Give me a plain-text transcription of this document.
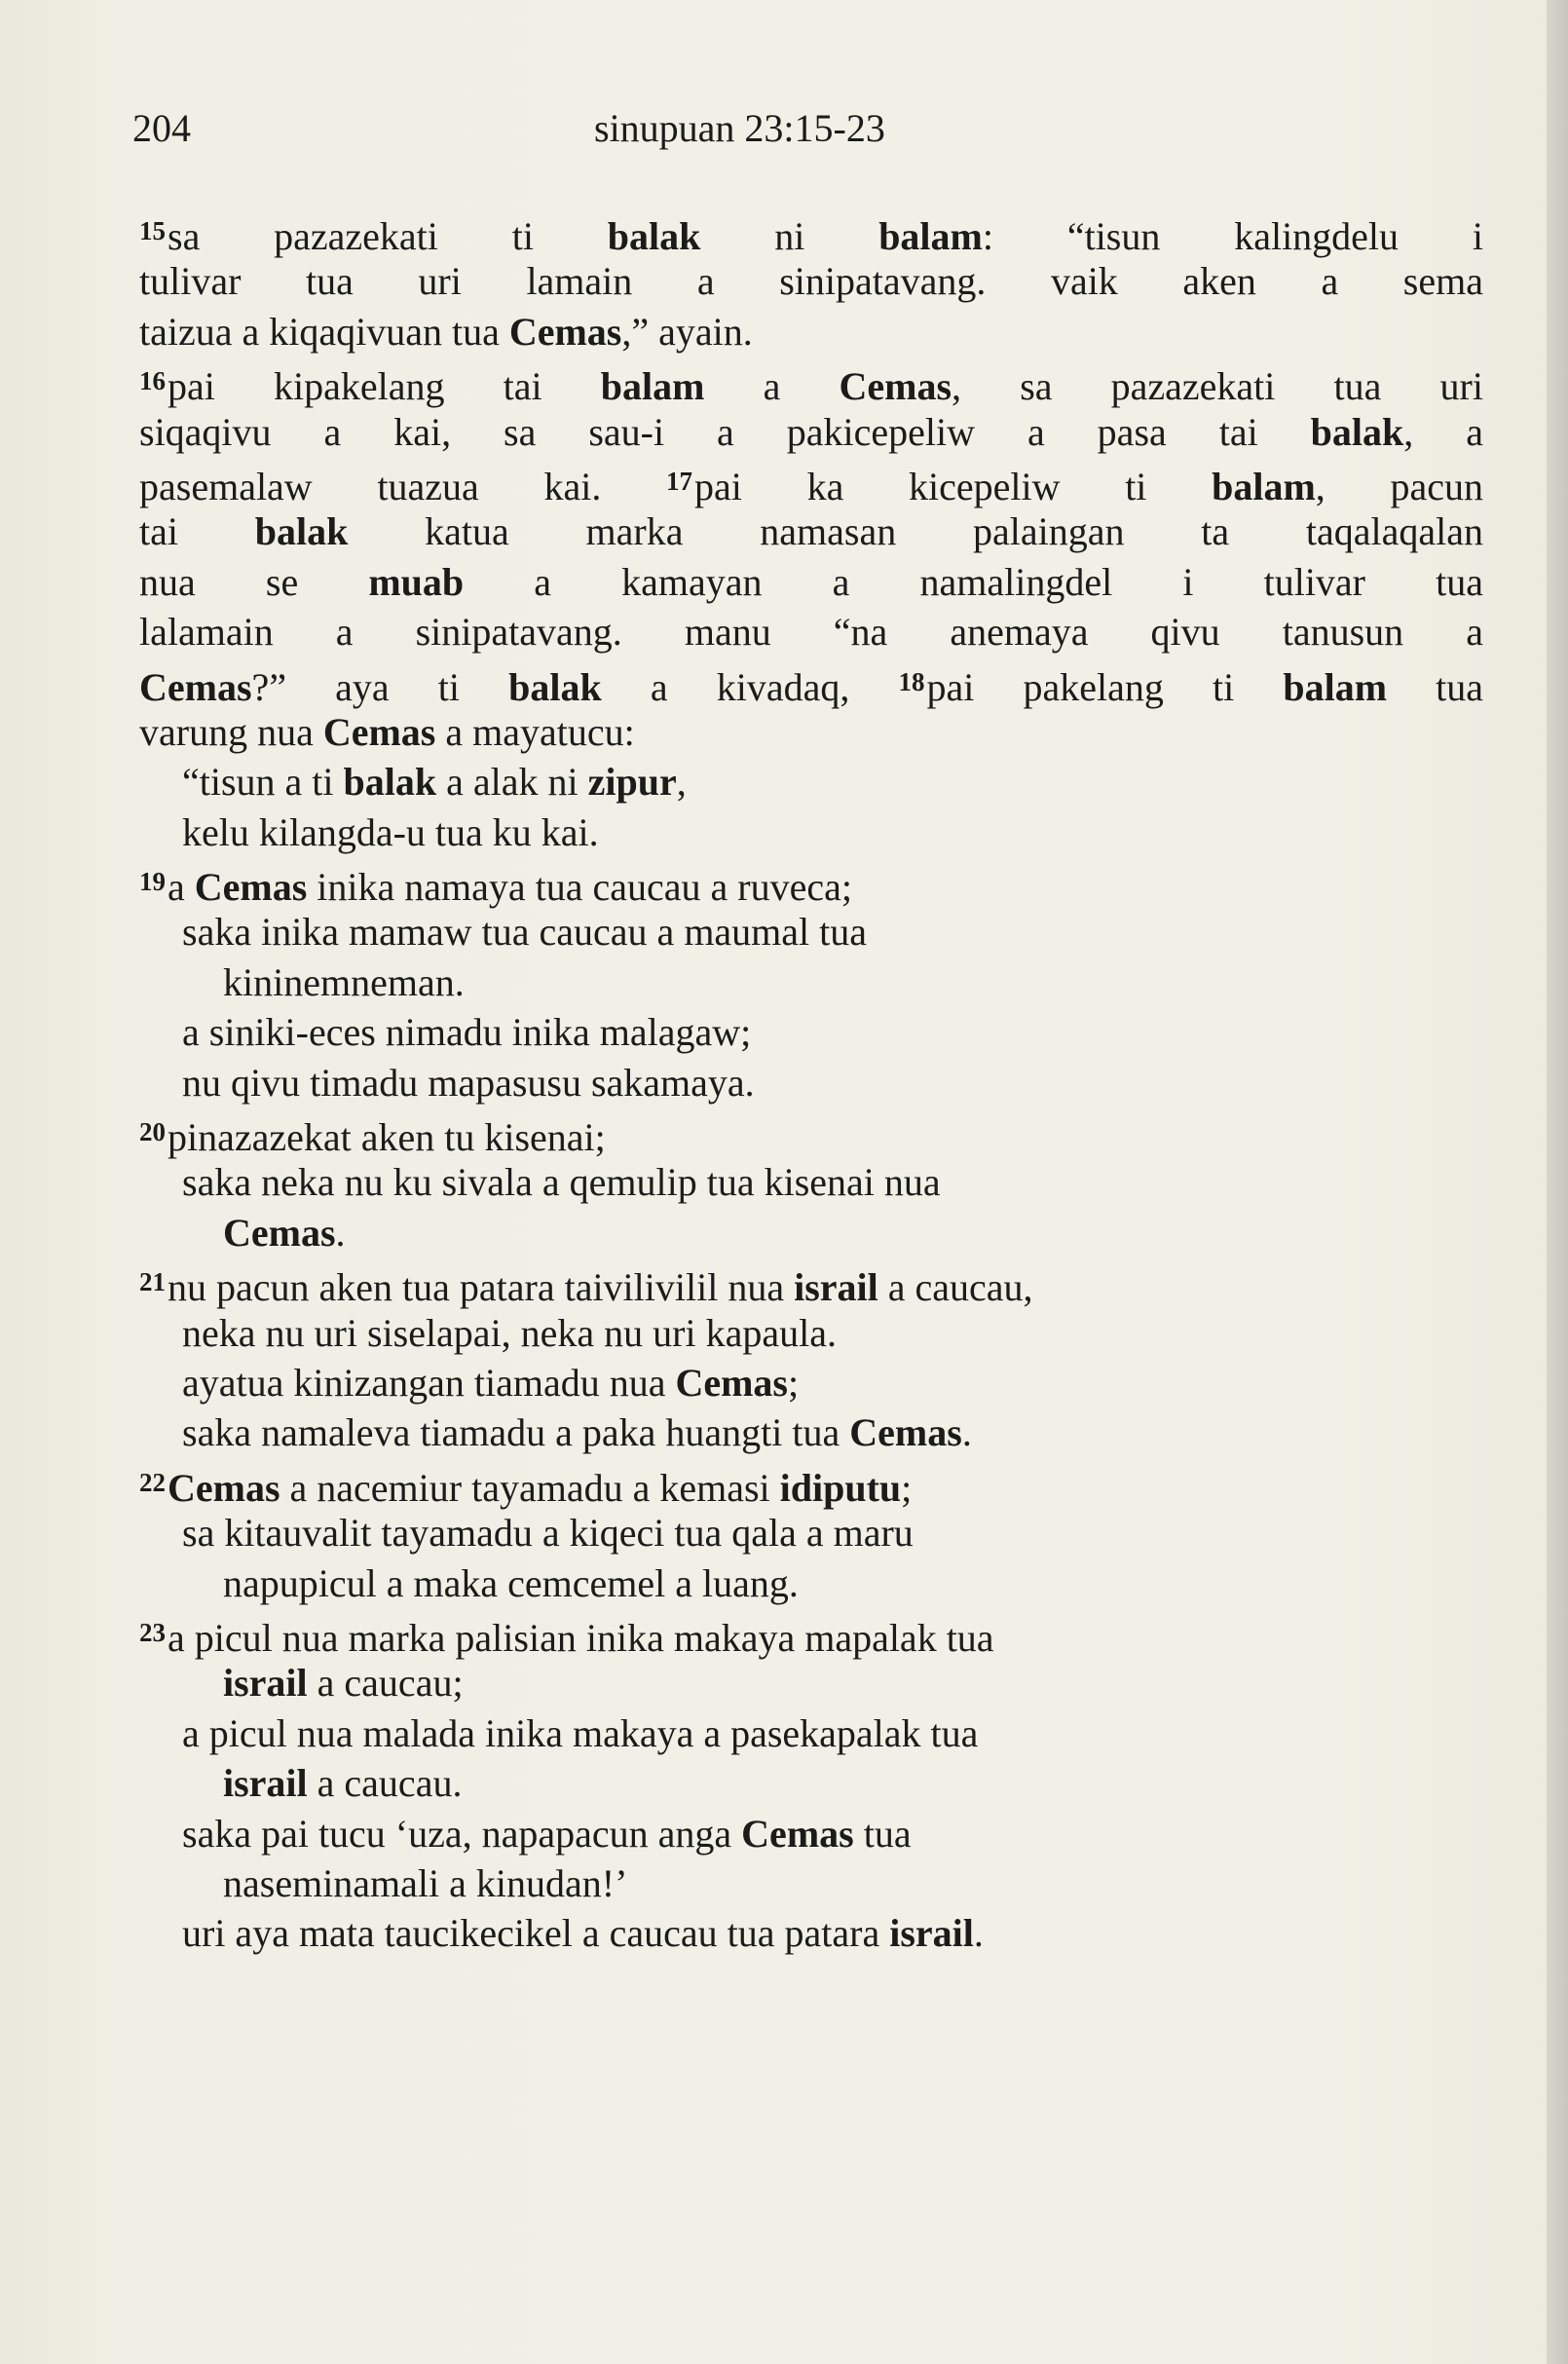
204	sinupuan 23:15-23
$^{15}$sa pazazekati ti balak ni balam: “tisun kalingdelu i
tulivar tua uri lamain a sinipatavang. vaik aken a sema
taizua a kiqaqivuan tua Cemas,” ayain.
$^{16}$pai kipakelang tai balam a Cemas, sa pazazekati tua uri
siqaqivu a kai, sa sau-i a pakicepeliw a pasa tai balak, a
pasemalaw tuazua kai. $^{17}$pai ka kicepeliw ti balam, pacun
tai balak katua marka namasan palaingan ta taqalaqalan
nua se muab a kamayan a namalingdel i tulivar tua
lalamain a sinipatavang. manu “na anemaya qivu tanusun a
Cemas?” aya ti balak a kivadaq, $^{18}$pai pakelang ti balam tua
varung nua Cemas a mayatucu:
“tisun a ti balak a alak ni zipur,
kelu kilangda-u tua ku kai.
$^{19}$a Cemas inika namaya tua caucau a ruveca;
saka inika mamaw tua caucau a maumal tua
kininemneman.
a siniki-eces nimadu inika malagaw;
nu qivu timadu mapasusu sakamaya.
$^{20}$pinazazekat aken tu kisenai;
saka neka nu ku sivala a qemulip tua kisenai nua
Cemas.
$^{21}$nu pacun aken tua patara taivilivilil nua israil a caucau,
neka nu uri siselapai, neka nu uri kapaula.
ayatua kinizangan tiamadu nua Cemas;
saka namaleva tiamadu a paka huangti tua Cemas.
$^{22}$Cemas a nacemiur tayamadu a kemasi idiputu;
sa kitauvalit tayamadu a kiqeci tua qala a maru
napupicul a maka cemcemel a luang.
$^{23}$a picul nua marka palisian inika makaya mapalak tua
israil a caucau;
a picul nua malada inika makaya a pasekapalak tua
israil a caucau.
saka pai tucu ‘uza, napapacun anga Cemas tua
naseminamali a kinudan!’
uri aya mata taucikecikel a caucau tua patara israil.
